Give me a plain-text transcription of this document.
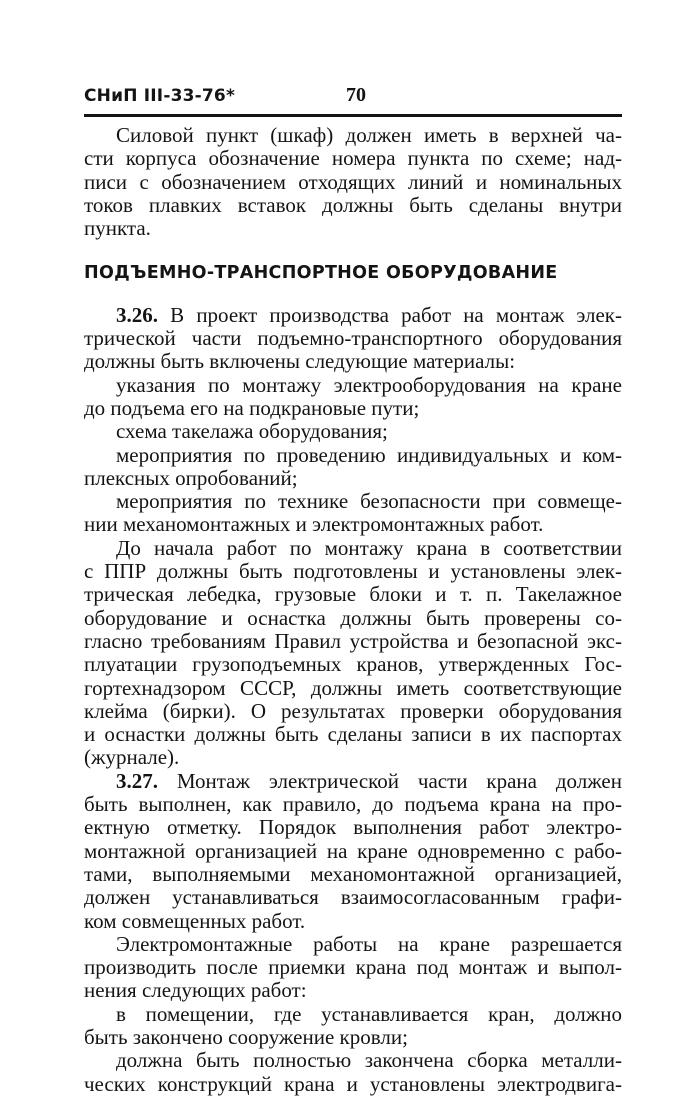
СНиП III-33-76*	70
Силовой пункт (шкаф) должен иметь в верхней ча-
сти корпуса обозначение номера пункта по схеме; над-
писи с обозначением отходящих линий и номинальных
токов плавких вставок должны быть сделаны внутри
пункта.
ПОДЪЕМНО-ТРАНСПОРТНОЕ ОБОРУДОВАНИЕ
3.26. В проект производства работ на монтаж элек-
трической части подъемно-транспортного оборудования
должны быть включены следующие материалы:
указания по монтажу электрооборудования на кране
до подъема его на подкрановые пути;
схема такелажа оборудования;
мероприятия по проведению индивидуальных и ком-
плексных опробований;
мероприятия по технике безопасности при совмеще-
нии механомонтажных и электромонтажных работ.
До начала работ по монтажу крана в соответствии
с ППР должны быть подготовлены и установлены элек-
трическая лебедка, грузовые блоки и т. п. Такелажное
оборудование и оснастка должны быть проверены со-
гласно требованиям Правил устройства и безопасной экс-
плуатации грузоподъемных кранов, утвержденных Гос-
гортехнадзором СССР, должны иметь соответствующие
клейма (бирки). О результатах проверки оборудования
и оснастки должны быть сделаны записи в их паспортах
(журнале).
3.27. Монтаж электрической части крана должен
быть выполнен, как правило, до подъема крана на про-
ектную отметку. Порядок выполнения работ электро-
монтажной организацией на кране одновременно с рабо-
тами, выполняемыми механомонтажной организацией,
должен устанавливаться взаимосогласованным графи-
ком совмещенных работ.
Электромонтажные работы на кране разрешается
производить после приемки крана под монтаж и выпол-
нения следующих работ:
в помещении, где устанавливается кран, должно
быть закончено сооружение кровли;
должна быть полностью закончена сборка металли-
ческих конструкций крана и установлены электродвига-
